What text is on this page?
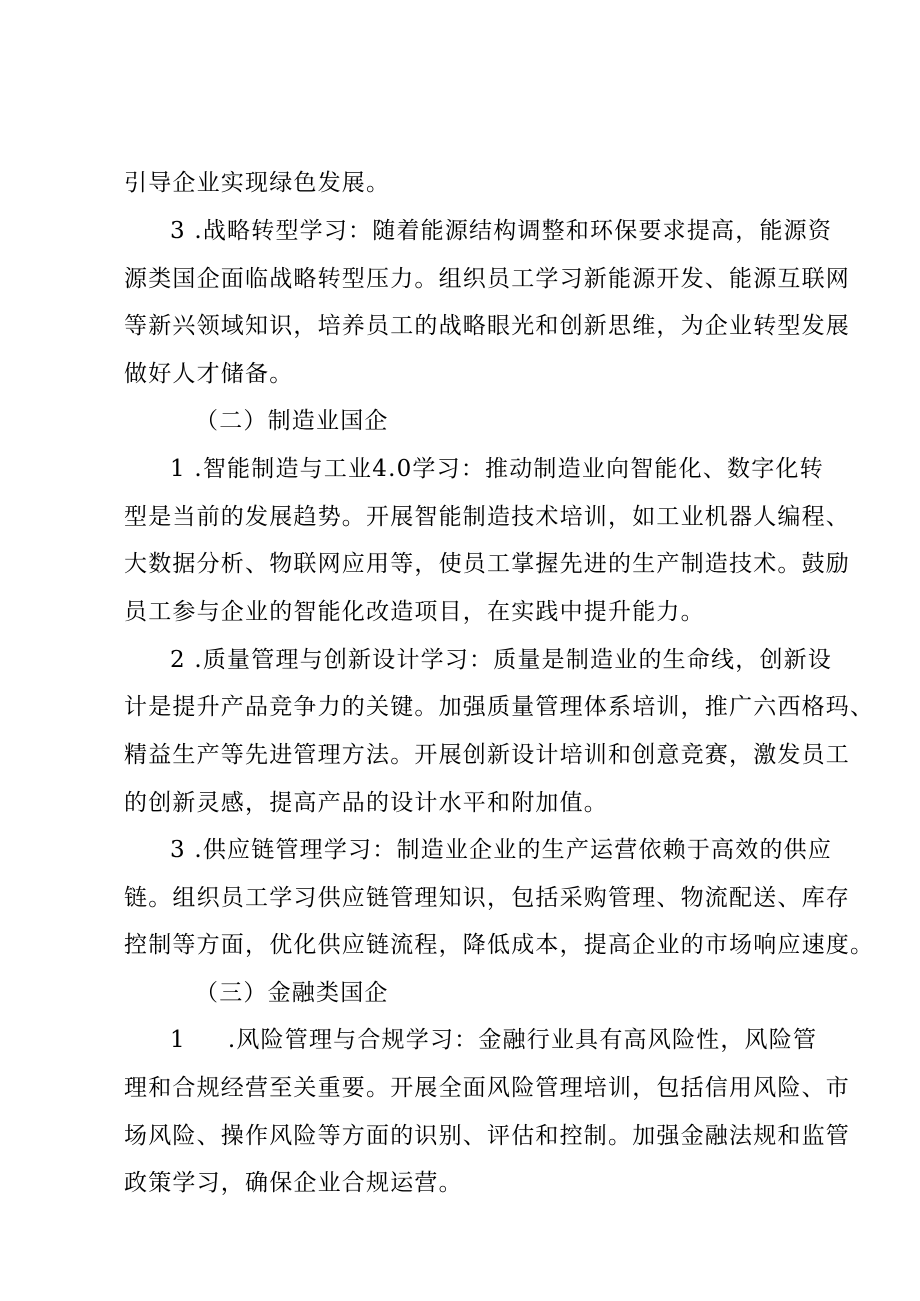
引导企业实现绿色发展。
3 .战略转型学习：随着能源结构调整和环保要求提高，能源资
源类国企面临战略转型压力。组织员工学习新能源开发、能源互联网
等新兴领域知识，培养员工的战略眼光和创新思维，为企业转型发展
做好人才储备。
（二）制造业国企
1 .智能制造与工业4.0学习：推动制造业向智能化、数字化转
型是当前的发展趋势。开展智能制造技术培训，如工业机器人编程、
大数据分析、物联网应用等，使员工掌握先进的生产制造技术。鼓励
员工参与企业的智能化改造项目，在实践中提升能力。
2 .质量管理与创新设计学习：质量是制造业的生命线，创新设
计是提升产品竞争力的关键。加强质量管理体系培训，推广六西格玛、
精益生产等先进管理方法。开展创新设计培训和创意竞赛，激发员工
的创新灵感，提高产品的设计水平和附加值。
3 .供应链管理学习：制造业企业的生产运营依赖于高效的供应
链。组织员工学习供应链管理知识，包括采购管理、物流配送、库存
控制等方面，优化供应链流程，降低成本，提高企业的市场响应速度。
（三）金融类国企
1 .风险管理与合规学习：金融行业具有高风险性，风险管
理和合规经营至关重要。开展全面风险管理培训，包括信用风险、市
场风险、操作风险等方面的识别、评估和控制。加强金融法规和监管
政策学习，确保企业合规运营。
